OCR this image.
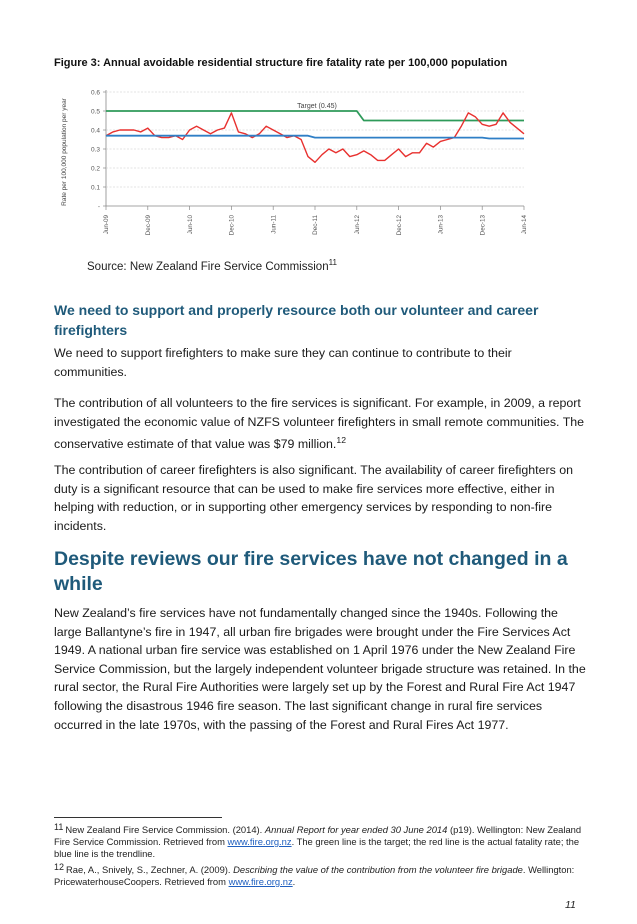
Figure 3: Annual avoidable residential structure fire fatality rate per 100,000 population
Rate per 100,000 population per year
0.6
0.5
0.4
0.3
0.2
0.1
-
Jun-09	Dec-09	Jun-10	Dec-10	Jun-11	Dec-11	Jun-12	Dec-12	Jun-13	Dec-13	Jun-14
Target (0.45)
Source: New Zealand Fire Service Commission$^{11}$
We need to support and properly resource both our volunteer and career firefighters

We need to support firefighters to make sure they can continue to contribute to their communities.

The contribution of all volunteers to the fire services is significant. For example, in 2009, a report investigated the economic value of NZFS volunteer firefighters in small remote communities. The conservative estimate of that value was $79 million.$^{12}$

The contribution of career firefighters is also significant. The availability of career firefighters on duty is a significant resource that can be used to make fire services more effective, either in helping with reduction, or in supporting other emergency services by responding to non-fire incidents.

Despite reviews our fire services have not changed in a while

New Zealand’s fire services have not fundamentally changed since the 1940s. Following the large Ballantyne’s fire in 1947, all urban fire brigades were brought under the Fire Services Act 1949. A national urban fire service was established on 1 April 1976 under the New Zealand Fire Service Commission, but the largely independent volunteer brigade structure was retained. In the rural sector, the Rural Fire Authorities were largely set up by the Forest and Rural Fire Act 1947 following the disastrous 1946 fire season. The last significant change in rural fire services occurred in the late 1970s, with the passing of the Forest and Rural Fires Act 1977.

11 New Zealand Fire Service Commission. (2014). Annual Report for year ended 30 June 2014 (p19). Wellington: New Zealand Fire Service Commission. Retrieved from www.fire.org.nz. The green line is the target; the red line is the actual fatality rate; the blue line is the trendline.

12 Rae, A., Snively, S., Zechner, A. (2009). Describing the value of the contribution from the volunteer fire brigade. Wellington: PricewaterhouseCoopers. Retrieved from www.fire.org.nz.

11
